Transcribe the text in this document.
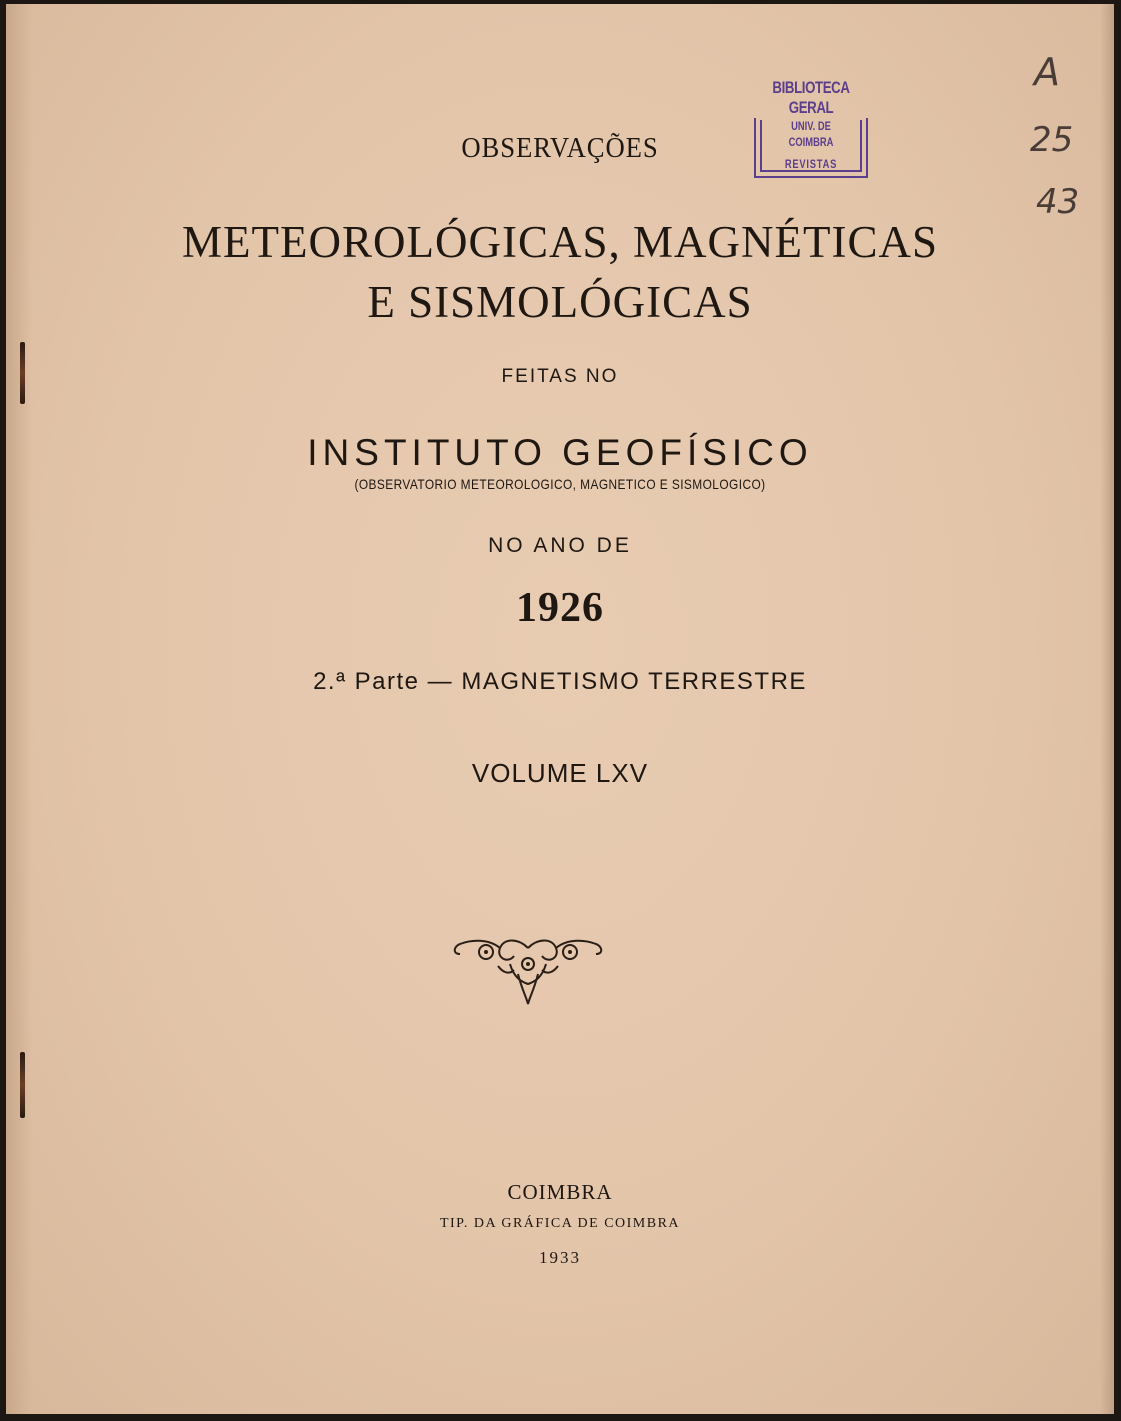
BIBLIOTECA GERAL
UNIV. DE COIMBRA
REVISTAS
A
25
43
OBSERVAÇÕES
METEOROLÓGICAS, MAGNÉTICAS
E SISMOLÓGICAS
FEITAS NO
INSTITUTO GEOFÍSICO
(OBSERVATORIO METEOROLOGICO, MAGNETICO E SISMOLOGICO)
NO ANO DE
1926
2.ª Parte — MAGNETISMO TERRESTRE
VOLUME LXV
COIMBRA
TIP. DA GRÁFICA DE COIMBRA
1933
